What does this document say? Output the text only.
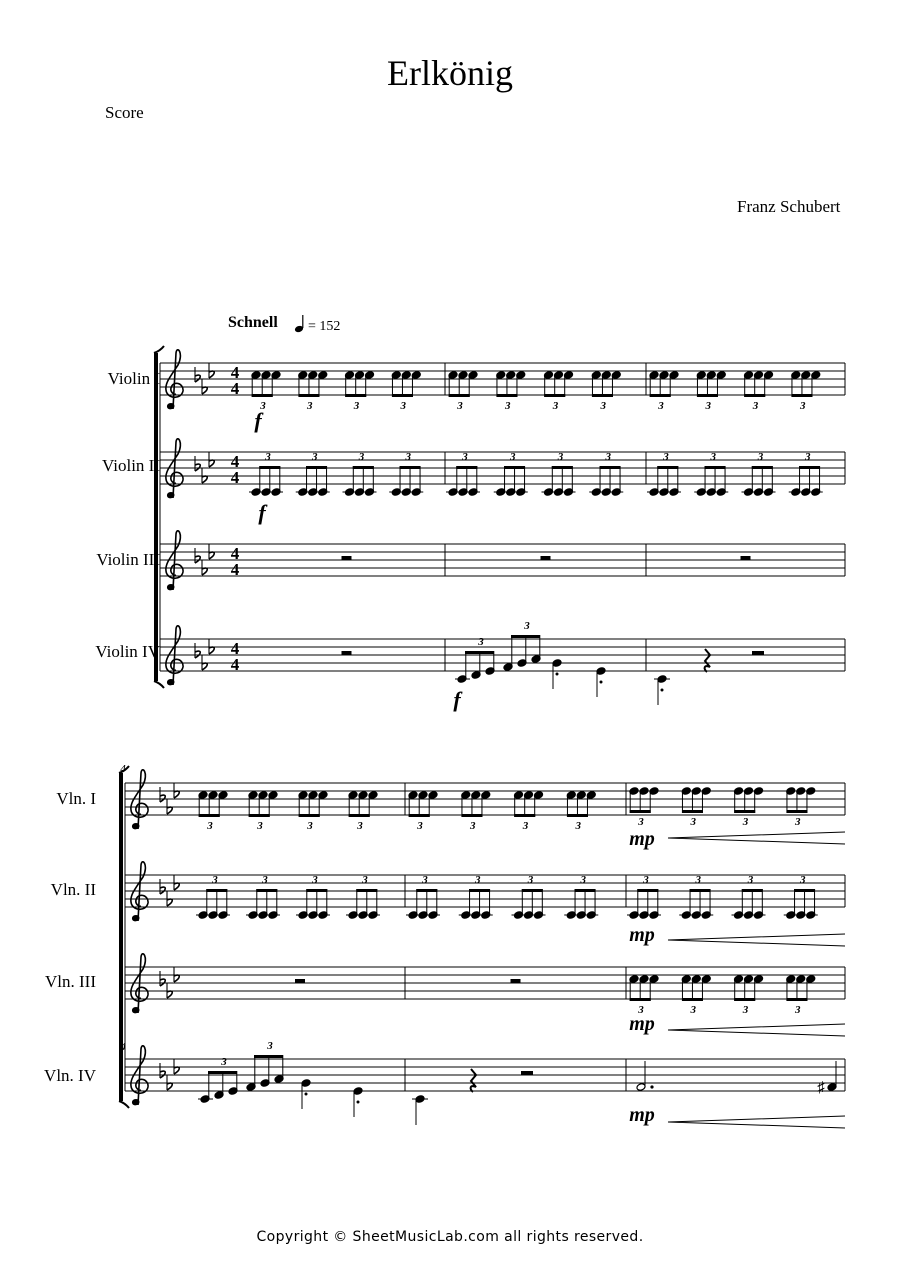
Erlkönig
Score
Franz Schubert
Schnell	= 152
Violin I
Violin II
Violin III
Violin IV
Vln. I
Vln. II
Vln. III
Vln. IV
4
4
4
4
4
4
4
4
3	3	3	3	3	3	3	3	3	3	3	3
3	3	3	3	3	3	3	3	3	3	3	3
3
3
f
f
f
4
4
3	3	3	3	3	3	3	3	3	3	3	3
3	3	3	3	3	3	3	3	3	3	3	3
3	3	3	3
3
3
♯
mp
mp
mp
mp
Copyright © SheetMusicLab.com all rights reserved.
